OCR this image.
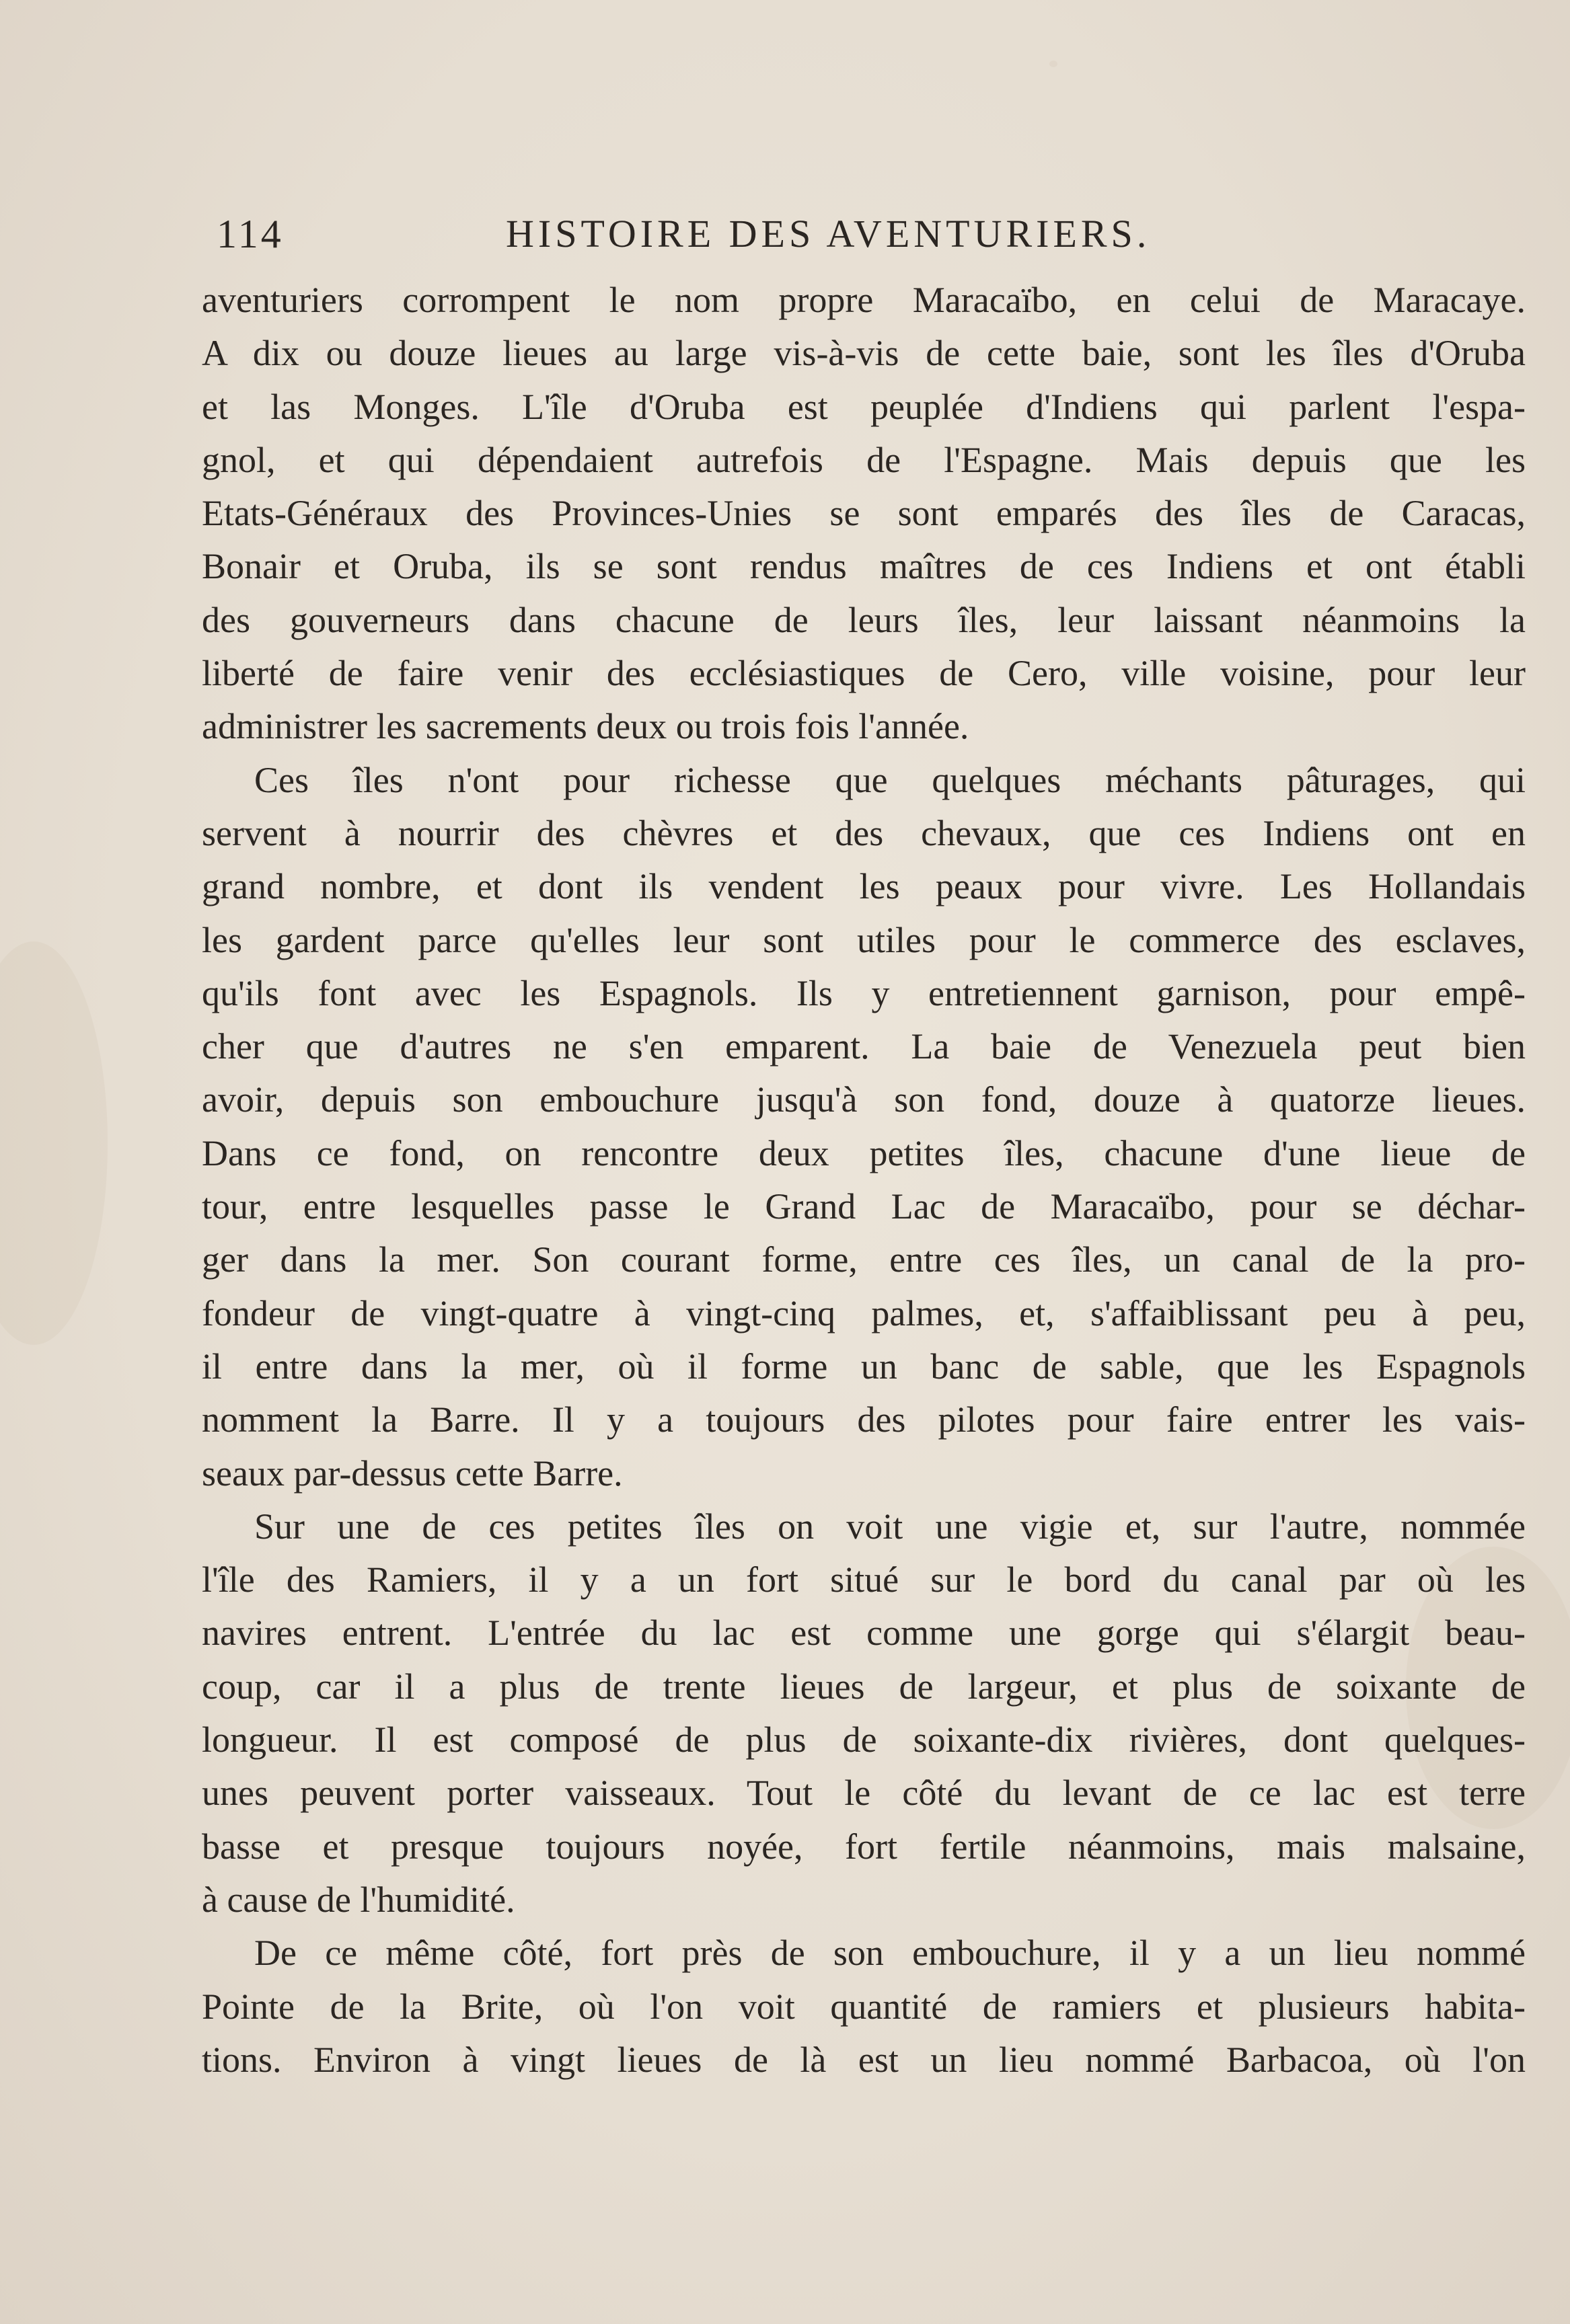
114	HISTOIRE DES AVENTURIERS.
aventuriers corrompent le nom propre Maracaïbo, en celui de Maracaye.
A dix ou douze lieues au large vis-à-vis de cette baie, sont les îles d'Oruba
et las Monges. L'île d'Oruba est peuplée d'Indiens qui parlent l'espa-
gnol, et qui dépendaient autrefois de l'Espagne. Mais depuis que les
Etats-Généraux des Provinces-Unies se sont emparés des îles de Caracas,
Bonair et Oruba, ils se sont rendus maîtres de ces Indiens et ont établi
des gouverneurs dans chacune de leurs îles, leur laissant néanmoins la
liberté de faire venir des ecclésiastiques de Cero, ville voisine, pour leur
administrer les sacrements deux ou trois fois l'année.
Ces îles n'ont pour richesse que quelques méchants pâturages, qui
servent à nourrir des chèvres et des chevaux, que ces Indiens ont en
grand nombre, et dont ils vendent les peaux pour vivre. Les Hollandais
les gardent parce qu'elles leur sont utiles pour le commerce des esclaves,
qu'ils font avec les Espagnols. Ils y entretiennent garnison, pour empê-
cher que d'autres ne s'en emparent. La baie de Venezuela peut bien
avoir, depuis son embouchure jusqu'à son fond, douze à quatorze lieues.
Dans ce fond, on rencontre deux petites îles, chacune d'une lieue de
tour, entre lesquelles passe le Grand Lac de Maracaïbo, pour se déchar-
ger dans la mer. Son courant forme, entre ces îles, un canal de la pro-
fondeur de vingt-quatre à vingt-cinq palmes, et, s'affaiblissant peu à peu,
il entre dans la mer, où il forme un banc de sable, que les Espagnols
nomment la Barre. Il y a toujours des pilotes pour faire entrer les vais-
seaux par-dessus cette Barre.
Sur une de ces petites îles on voit une vigie et, sur l'autre, nommée
l'île des Ramiers, il y a un fort situé sur le bord du canal par où les
navires entrent. L'entrée du lac est comme une gorge qui s'élargit beau-
coup, car il a plus de trente lieues de largeur, et plus de soixante de
longueur. Il est composé de plus de soixante-dix rivières, dont quelques-
unes peuvent porter vaisseaux. Tout le côté du levant de ce lac est terre
basse et presque toujours noyée, fort fertile néanmoins, mais malsaine,
à cause de l'humidité.
De ce même côté, fort près de son embouchure, il y a un lieu nommé
Pointe de la Brite, où l'on voit quantité de ramiers et plusieurs habita-
tions. Environ à vingt lieues de là est un lieu nommé Barbacoa, où l'on
